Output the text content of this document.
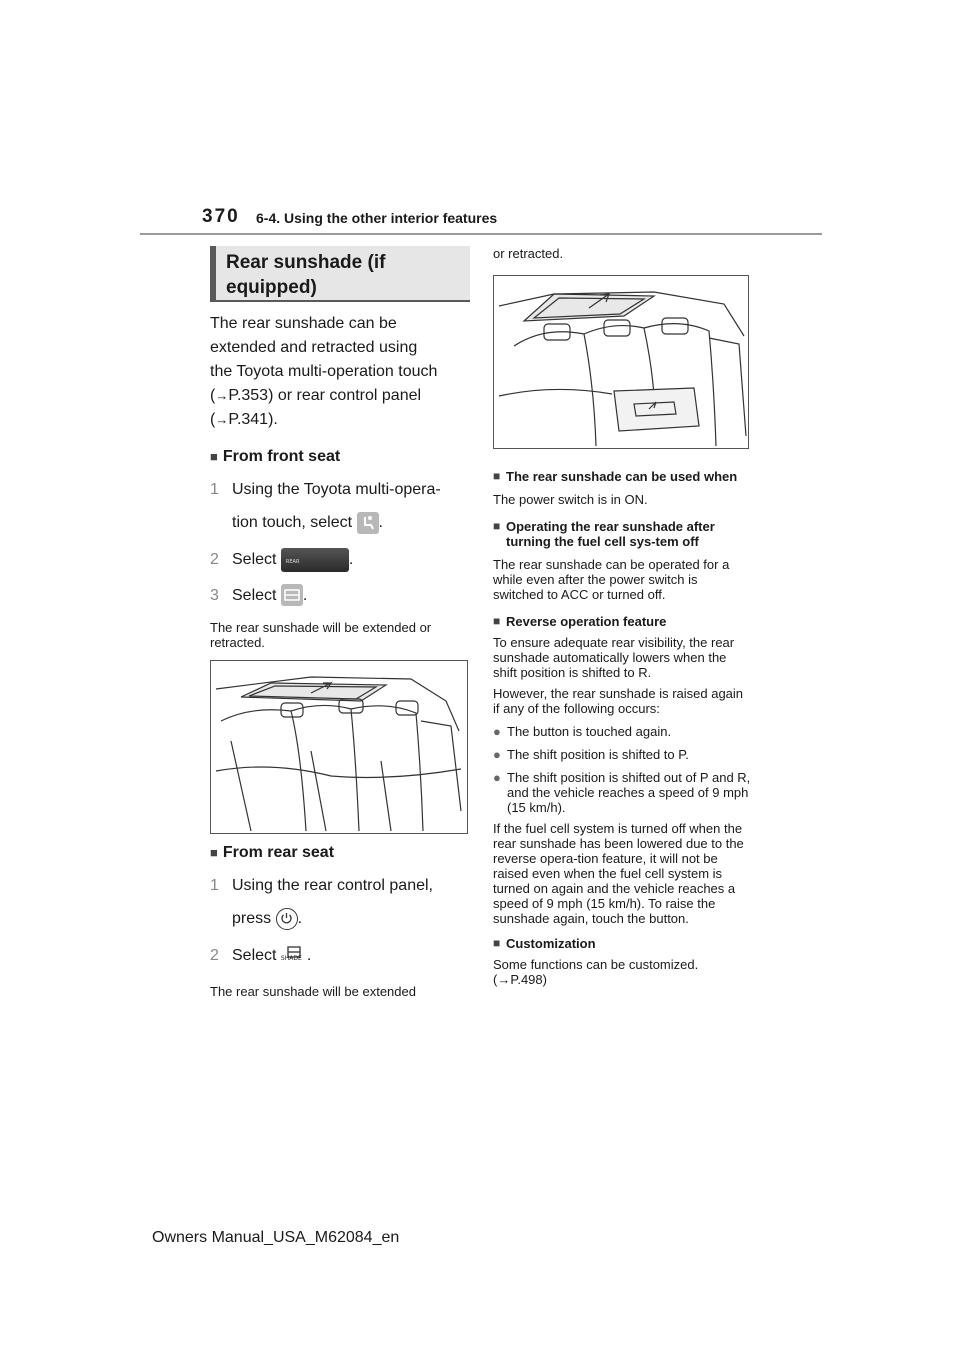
370 6-4. Using the other interior features
Rear sunshade (if equipped)
The rear sunshade can be
extended and retracted using
the Toyota multi-operation touch
(→P.353) or rear control panel
(→P.341).
■ From front seat
1 Using the Toyota multi-opera-
tion touch, select .
2 Select
REAR	.
3 Select
.
The rear sunshade will be extended or retracted.
■ From rear seat
1 Using the rear control panel,
press .
2 Select
SHADE .
The rear sunshade will be extended
or retracted.
■ The rear sunshade can be used when
The power switch is in ON.
■ Operating the rear sunshade after turning the fuel cell sys-tem off
The rear sunshade can be operated for a while even after the power switch is switched to ACC or turned off.
■ Reverse operation feature
To ensure adequate rear visibility, the rear sunshade automatically lowers when the shift position is shifted to R.
However, the rear sunshade is raised again if any of the following occurs:
● The button is touched again.
● The shift position is shifted to P.
● The shift position is shifted out of P and R, and the vehicle reaches a speed of 9 mph (15 km/h).
If the fuel cell system is turned off when the rear sunshade has been lowered due to the reverse opera-tion feature, it will not be raised even when the fuel cell system is turned on again and the vehicle reaches a speed of 9 mph (15 km/h). To raise the sunshade again, touch the button.
■ Customization
Some functions can be customized.
(→P.498)
Owners Manual_USA_M62084_en
